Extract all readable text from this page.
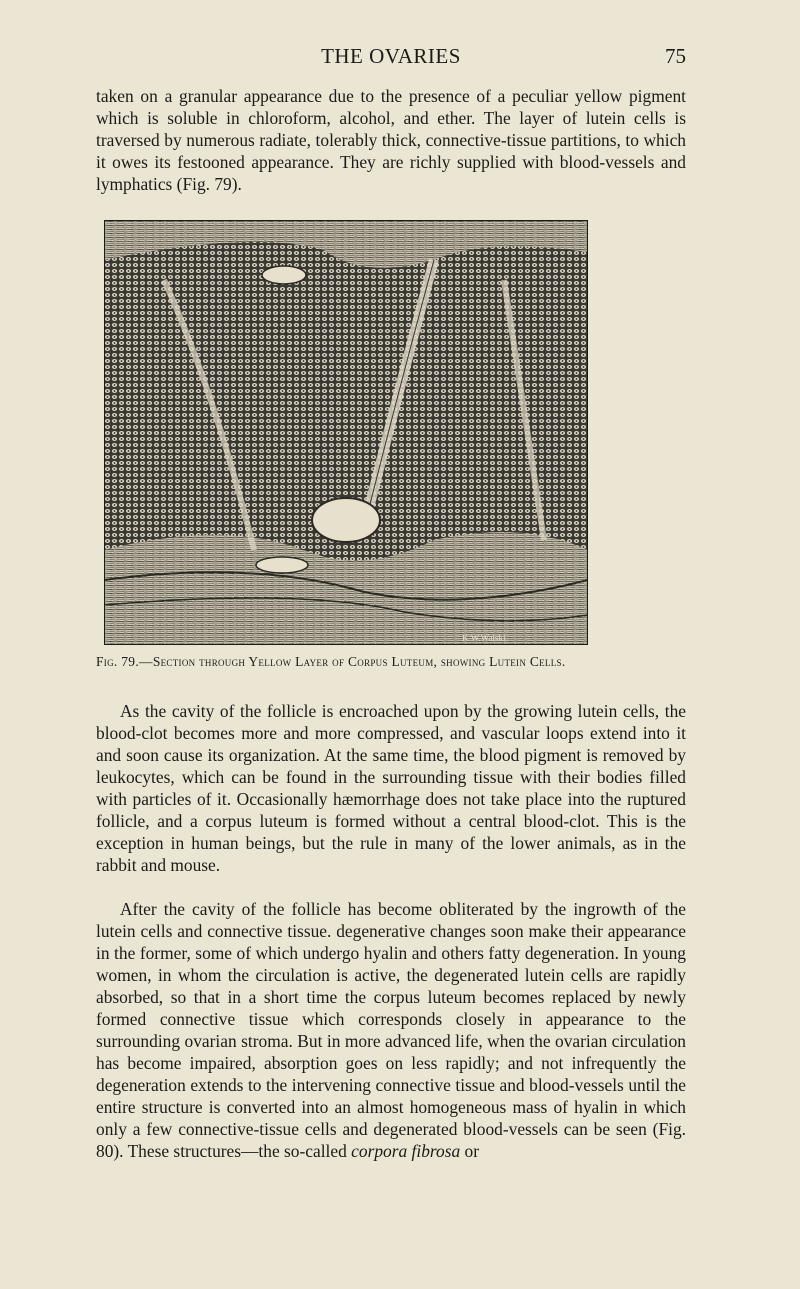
THE OVARIES	75

taken on a granular appearance due to the presence of a peculiar yellow pigment which is soluble in chloroform, alcohol, and ether. The layer of lutein cells is traversed by numerous radiate, tolerably thick, connective-tissue partitions, to which it owes its festooned appearance. They are richly supplied with blood-vessels and lymphatics (Fig. 79).

K.W.Walski.
Fig. 79.—Section through Yellow Layer of Corpus Luteum, showing Lutein Cells.

As the cavity of the follicle is encroached upon by the growing lutein cells, the blood-clot becomes more and more compressed, and vascular loops extend into it and soon cause its organization. At the same time, the blood pigment is removed by leukocytes, which can be found in the surrounding tissue with their bodies filled with particles of it. Occasionally hæmorrhage does not take place into the ruptured follicle, and a corpus luteum is formed without a central blood-clot. This is the exception in human beings, but the rule in many of the lower animals, as in the rabbit and mouse.

After the cavity of the follicle has become obliterated by the ingrowth of the lutein cells and connective tissue. degenerative changes soon make their appearance in the former, some of which undergo hyalin and others fatty degeneration. In young women, in whom the circulation is active, the degenerated lutein cells are rapidly absorbed, so that in a short time the corpus luteum becomes replaced by newly formed connective tissue which corresponds closely in appearance to the surrounding ovarian stroma. But in more advanced life, when the ovarian circulation has become impaired, absorption goes on less rapidly; and not infrequently the degeneration extends to the intervening connective tissue and blood-vessels until the entire structure is converted into an almost homogeneous mass of hyalin in which only a few connective-tissue cells and degenerated blood-vessels can be seen (Fig. 80). These structures—the so-called corpora fibrosa or
